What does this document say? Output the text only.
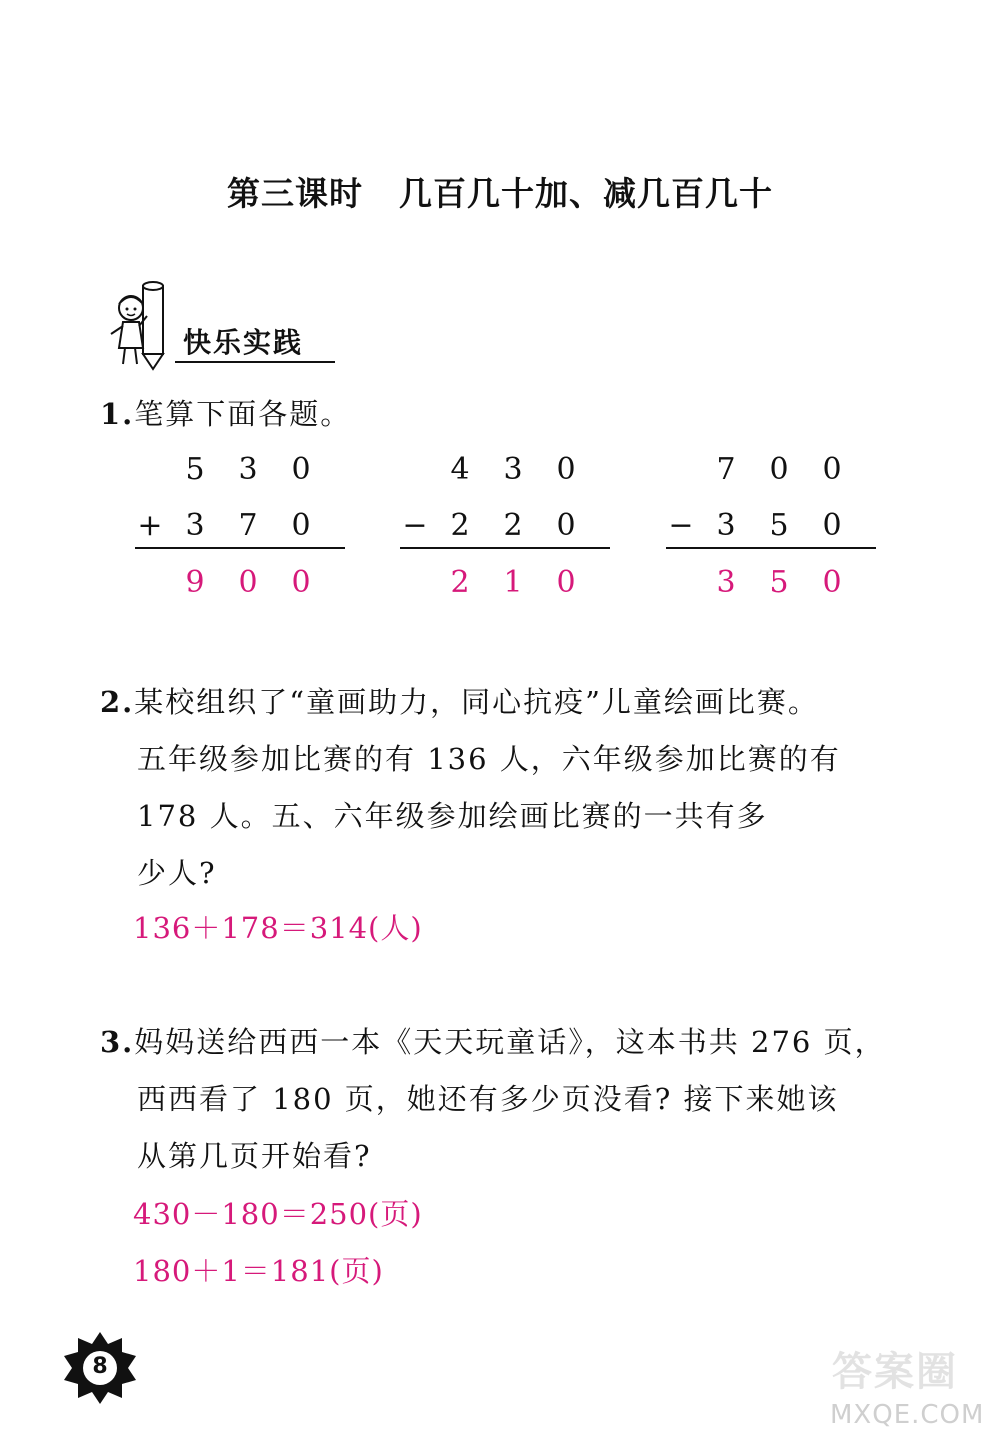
第三课时 几百几十加、减几百几十
快乐实践
1.笔算下面各题。
5 3 0
+ 3 7 0
9 0 0
4 3 0
− 2 2 0
2 1 0
7 0 0
− 3 5 0
3 5 0
2.某校组织了“童画助力，同心抗疫”儿童绘画比赛。
五年级参加比赛的有 136 人，六年级参加比赛的有
178 人。五、六年级参加绘画比赛的一共有多
少人?
136＋178＝314(人)
3.妈妈送给西西一本《天天玩童话》，这本书共 276 页，
西西看了 180 页，她还有多少页没看? 接下来她该
从第几页开始看?
430－180＝250(页)
180＋1＝181(页)
8	答案圈
MXQE.COM
